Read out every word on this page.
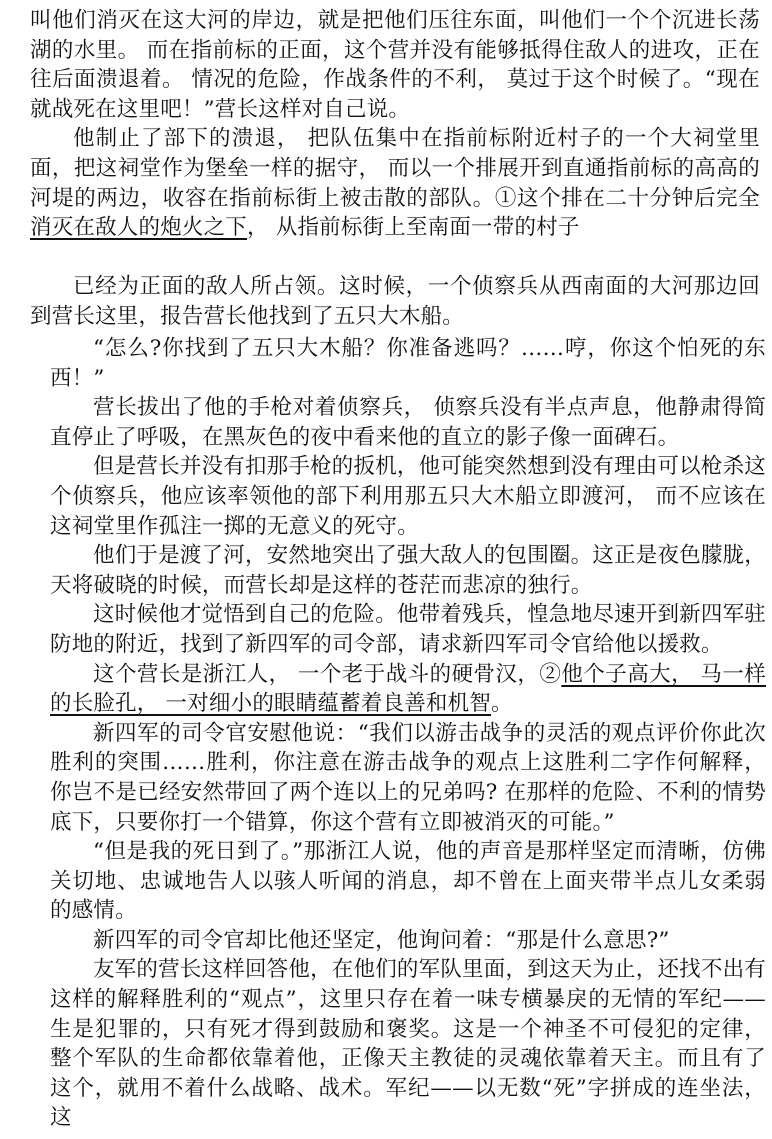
叫他们消灭在这大河的岸边，就是把他们压往东面，叫他们一个个沉进长荡湖的水里。 而在指前标的正面，这个营并没有能够抵得住敌人的进攻，正在往后面溃退着。 情况的危险，作战条件的不利， 莫过于这个时候了。“现在就战死在这里吧！”营长这样对自己说。

他制止了部下的溃退， 把队伍集中在指前标附近村子的一个大祠堂里面，把这祠堂作为堡垒一样的据守， 而以一个排展开到直通指前标的高高的河堤的两边，收容在指前标街上被击散的部队。①这个排在二十分钟后完全消灭在敌人的炮火之下， 从指前标街上至南面一带的村子

已经为正面的敌人所占领。这时候，一个侦察兵从西南面的大河那边回到营长这里，报告营长他找到了五只大木船。

“怎么?你找到了五只大木船？你准备逃吗？……哼，你这个怕死的东西！”

营长拔出了他的手枪对着侦察兵， 侦察兵没有半点声息，他静肃得简直停止了呼吸，在黑灰色的夜中看来他的直立的影子像一面碑石。

但是营长并没有扣那手枪的扳机，他可能突然想到没有理由可以枪杀这个侦察兵，他应该率领他的部下利用那五只大木船立即渡河， 而不应该在这祠堂里作孤注一掷的无意义的死守。

他们于是渡了河，安然地突出了强大敌人的包围圈。这正是夜色朦胧，天将破晓的时候，而营长却是这样的苍茫而悲凉的独行。

这时候他才觉悟到自己的危险。他带着残兵，惶急地尽速开到新四军驻防地的附近，找到了新四军的司令部，请求新四军司令官给他以援救。

这个营长是浙江人， 一个老于战斗的硬骨汉，②他个子高大， 马一样的长脸孔， 一对细小的眼睛蕴蓄着良善和机智。

新四军的司令官安慰他说：“我们以游击战争的灵活的观点评价你此次胜利的突围……胜利，你注意在游击战争的观点上这胜利二字作何解释，你岂不是已经安然带回了两个连以上的兄弟吗? 在那样的危险、不利的情势底下，只要你打一个错算，你这个营有立即被消灭的可能。”

“但是我的死日到了。”那浙江人说，他的声音是那样坚定而清晰，仿佛关切地、忠诚地告人以骇人听闻的消息，却不曾在上面夹带半点儿女柔弱的感情。

新四军的司令官却比他还坚定，他询问着：“那是什么意思?”

友军的营长这样回答他，在他们的军队里面，到这天为止，还找不出有这样的解释胜利的“观点”，这里只存在着一味专横暴戾的无情的军纪——生是犯罪的，只有死才得到鼓励和褒奖。这是一个神圣不可侵犯的定律，整个军队的生命都依靠着他，正像天主教徒的灵魂依靠着天主。而且有了这个，就用不着什么战略、战术。军纪——以无数“死”字拼成的连坐法，这
